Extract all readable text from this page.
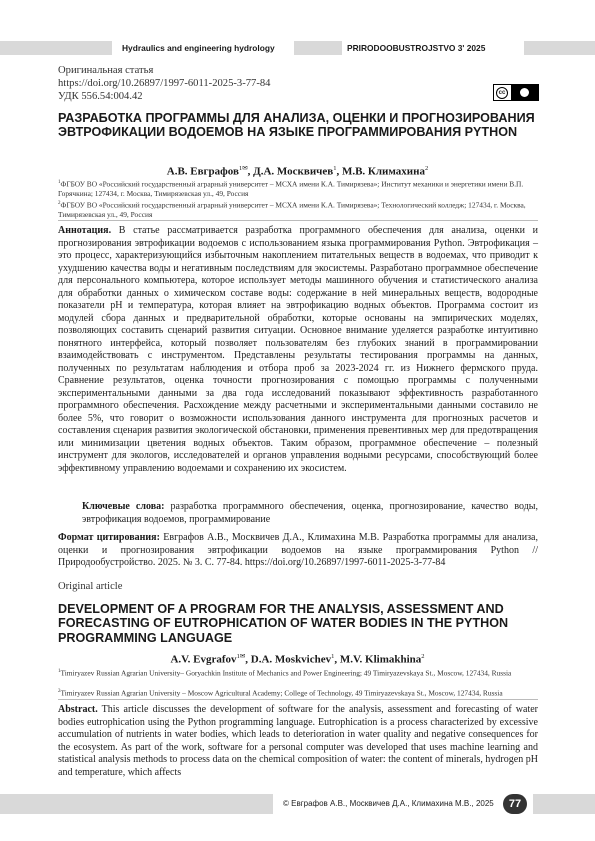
Hydraulics and engineering hydrology	PRIRODOOBUSTROJSTVO 3' 2025
Оригинальная статья
https://doi.org/10.26897/1997-6011-2025-3-77-84
УДК 556.54:004.42	cc
РАЗРАБОТКА ПРОГРАММЫ ДЛЯ АНАЛИЗА, ОЦЕНКИ И ПРОГНОЗИРОВАНИЯ ЭВТРОФИКАЦИИ ВОДОЕМОВ НА ЯЗЫКЕ ПРОГРАММИРОВАНИЯ PYTHON
А.В. Евграфов$^{1✉}$, Д.А. Москвичев$^1$, М.В. Климахина$^2$
$^1$ФГБОУ ВО «Российский государственный аграрный университет – МСХА имени К.А. Тимирязева»; Институт механики и энергетики имени В.П. Горячкина; 127434, г. Москва, Тимирязевская ул., 49, Россия
$^2$ФГБОУ ВО «Российский государственный аграрный университет – МСХА имени К.А. Тимирязева»; Технологический колледж; 127434, г. Москва, Тимирязевская ул., 49, Россия
Аннотация. В статье рассматривается разработка программного обеспечения для анализа, оценки и прогнозирования эвтрофикации водоемов с использованием языка программирования Python. Эвтрофикация – это процесс, характеризующийся избыточным накоплением питательных веществ в водоемах, что приводит к ухудшению качества воды и негативным последствиям для экосистемы. Разработано программное обеспечение для персонального компьютера, которое использует методы машинного обучения и статистического анализа для обработки данных о химическом составе воды: содержание в ней минеральных веществ, водородные показатели pH и температура, которая влияет на эвтрофикацию водных объектов. Программа состоит из модулей сбора данных и предварительной обработки, которые основаны на эмпирических моделях, позволяющих составить сценарий развития ситуации. Основное внимание уделяется разработке интуитивно понятного интерфейса, который позволяет пользователям без глубоких знаний в программировании взаимодействовать с инструментом. Представлены результаты тестирования программы на данных, полученных по результатам наблюдения и отбора проб за 2023-2024 гг. из Нижнего фермского пруда. Сравнение результатов, оценка точности прогнозирования с помощью программы с полученными экспериментальными данными за два года исследований показывают эффективность разработанного программного обеспечения. Расхождение между расчетными и экспериментальными данными составило не более 5%, что говорит о возможности использования данного инструмента для прогнозных расчетов и составления сценария развития экологической обстановки, применения превентивных мер для предотвращения или минимизации цветения водных объектов. Таким образом, программное обеспечение – полезный инструмент для экологов, исследователей и органов управления водными ресурсами, способствующий более эффективному управлению водоемами и сохранению их экосистем.
Ключевые слова: разработка программного обеспечения, оценка, прогнозирование, качество воды, эвтрофикация водоемов, программирование
Формат цитирования: Евграфов А.В., Москвичев Д.А., Климахина М.В. Разработка программы для анализа, оценки и прогнозирования эвтрофикации водоемов на языке программирования Python // Природообустройство. 2025. № 3. С. 77-84. https://doi.org/10.26897/1997-6011-2025-3-77-84
Original article
DEVELOPMENT OF A PROGRAM FOR THE ANALYSIS, ASSESSMENT AND FORECASTING OF EUTROPHICATION OF WATER BODIES IN THE PYTHON PROGRAMMING LANGUAGE
A.V. Evgrafov$^{1✉}$, D.A. Moskvichev$^1$, M.V. Klimakhina$^2$
$^1$Timiryazev Russian Agrarian University– Goryachkin Institute of Mechanics and Power Engineering; 49 Timiryazevskaya St., Moscow, 127434, Russia
$^2$Timiryazev Russian Agrarian University – Moscow Agricultural Academy; College of Technology, 49 Timiryazevskaya St., Moscow, 127434, Russia
Abstract. This article discusses the development of software for the analysis, assessment and forecasting of water bodies eutrophication using the Python programming language. Eutrophication is a process characterized by excessive accumulation of nutrients in water bodies, which leads to deterioration in water quality and negative consequences for the ecosystem. As part of the work, software for a personal computer was developed that uses machine learning and statistical analysis methods to process data on the chemical composition of water: the content of minerals, hydrogen pH and temperature, which affects
© Евграфов А.В., Москвичев Д.А., Климахина М.В., 2025	77
